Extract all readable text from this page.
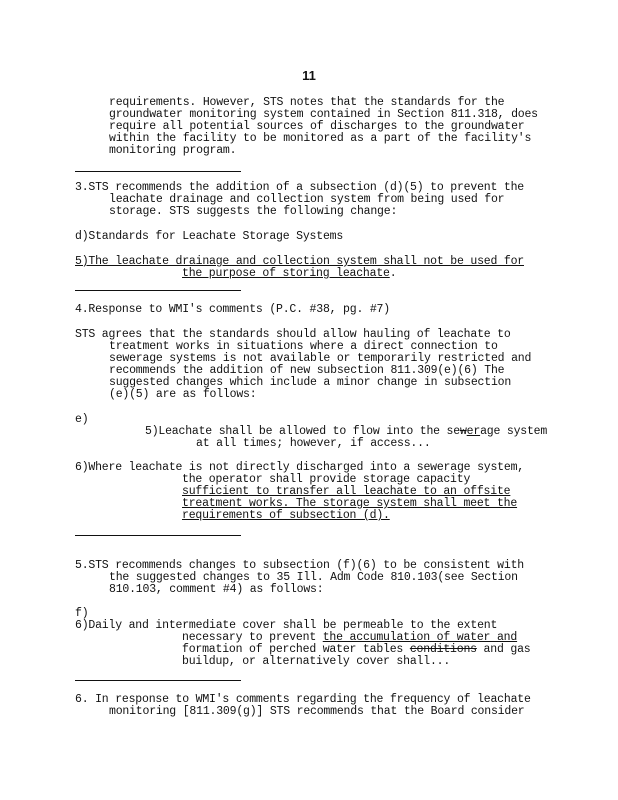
11
requirements. However, STS notes that the standards for the
groundwater monitoring system contained in Section 811.318, does
require all potential sources of discharges to the groundwater
within the facility to be monitored as a part of the facility's
monitoring program.
3.STS recommends the addition of a subsection (d)(5) to prevent the
leachate drainage and collection system from being used for
storage. STS suggests the following change:
d)Standards for Leachate Storage Systems
5)The leachate drainage and collection system shall not be used for
the purpose of storing leachate.
4.Response to WMI's comments (P.C. #38, pg. #7)
STS agrees that the standards should allow hauling of leachate to
treatment works in situations where a direct connection to
sewerage systems is not available or temporarily restricted and
recommends the addition of new subsection 811.309(e)(6) The
suggested changes which include a minor change in subsection
(e)(5) are as follows:
e)
5)Leachate shall be allowed to flow into the sewerage system
at all times; however, if access...
6)Where leachate is not directly discharged into a sewerage system,
the operator shall provide storage capacity
sufficient to transfer all leachate to an offsite
treatment works. The storage system shall meet the
requirements of subsection (d).
5.STS recommends changes to subsection (f)(6) to be consistent with
the suggested changes to 35 Ill. Adm Code 810.103(see Section
810.103, comment #4) as follows:
f)
6)Daily and intermediate cover shall be permeable to the extent
necessary to prevent the accumulation of water and
formation of perched water tables conditions and gas
buildup, or alternatively cover shall...
6. In response to WMI's comments regarding the frequency of leachate
monitoring [811.309(g)] STS recommends that the Board consider
